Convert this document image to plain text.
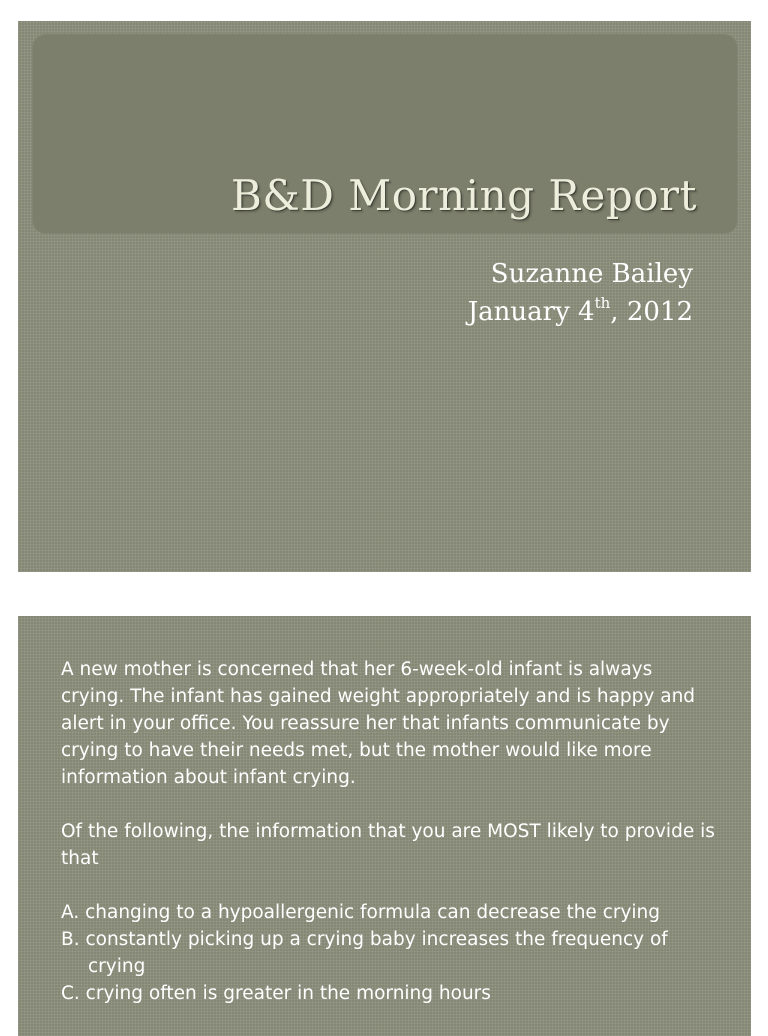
B&D Morning Report
Suzanne Bailey
January 4th, 2012

A new mother is concerned that her 6-week-old infant is always crying. The infant has gained weight appropriately and is happy and alert in your office. You reassure her that infants communicate by crying to have their needs met, but the mother would like more information about infant crying.

Of the following, the information that you are MOST likely to provide is that

A. changing to a hypoallergenic formula can decrease the crying
B. constantly picking up a crying baby increases the frequency of crying
C. crying often is greater in the morning hours
